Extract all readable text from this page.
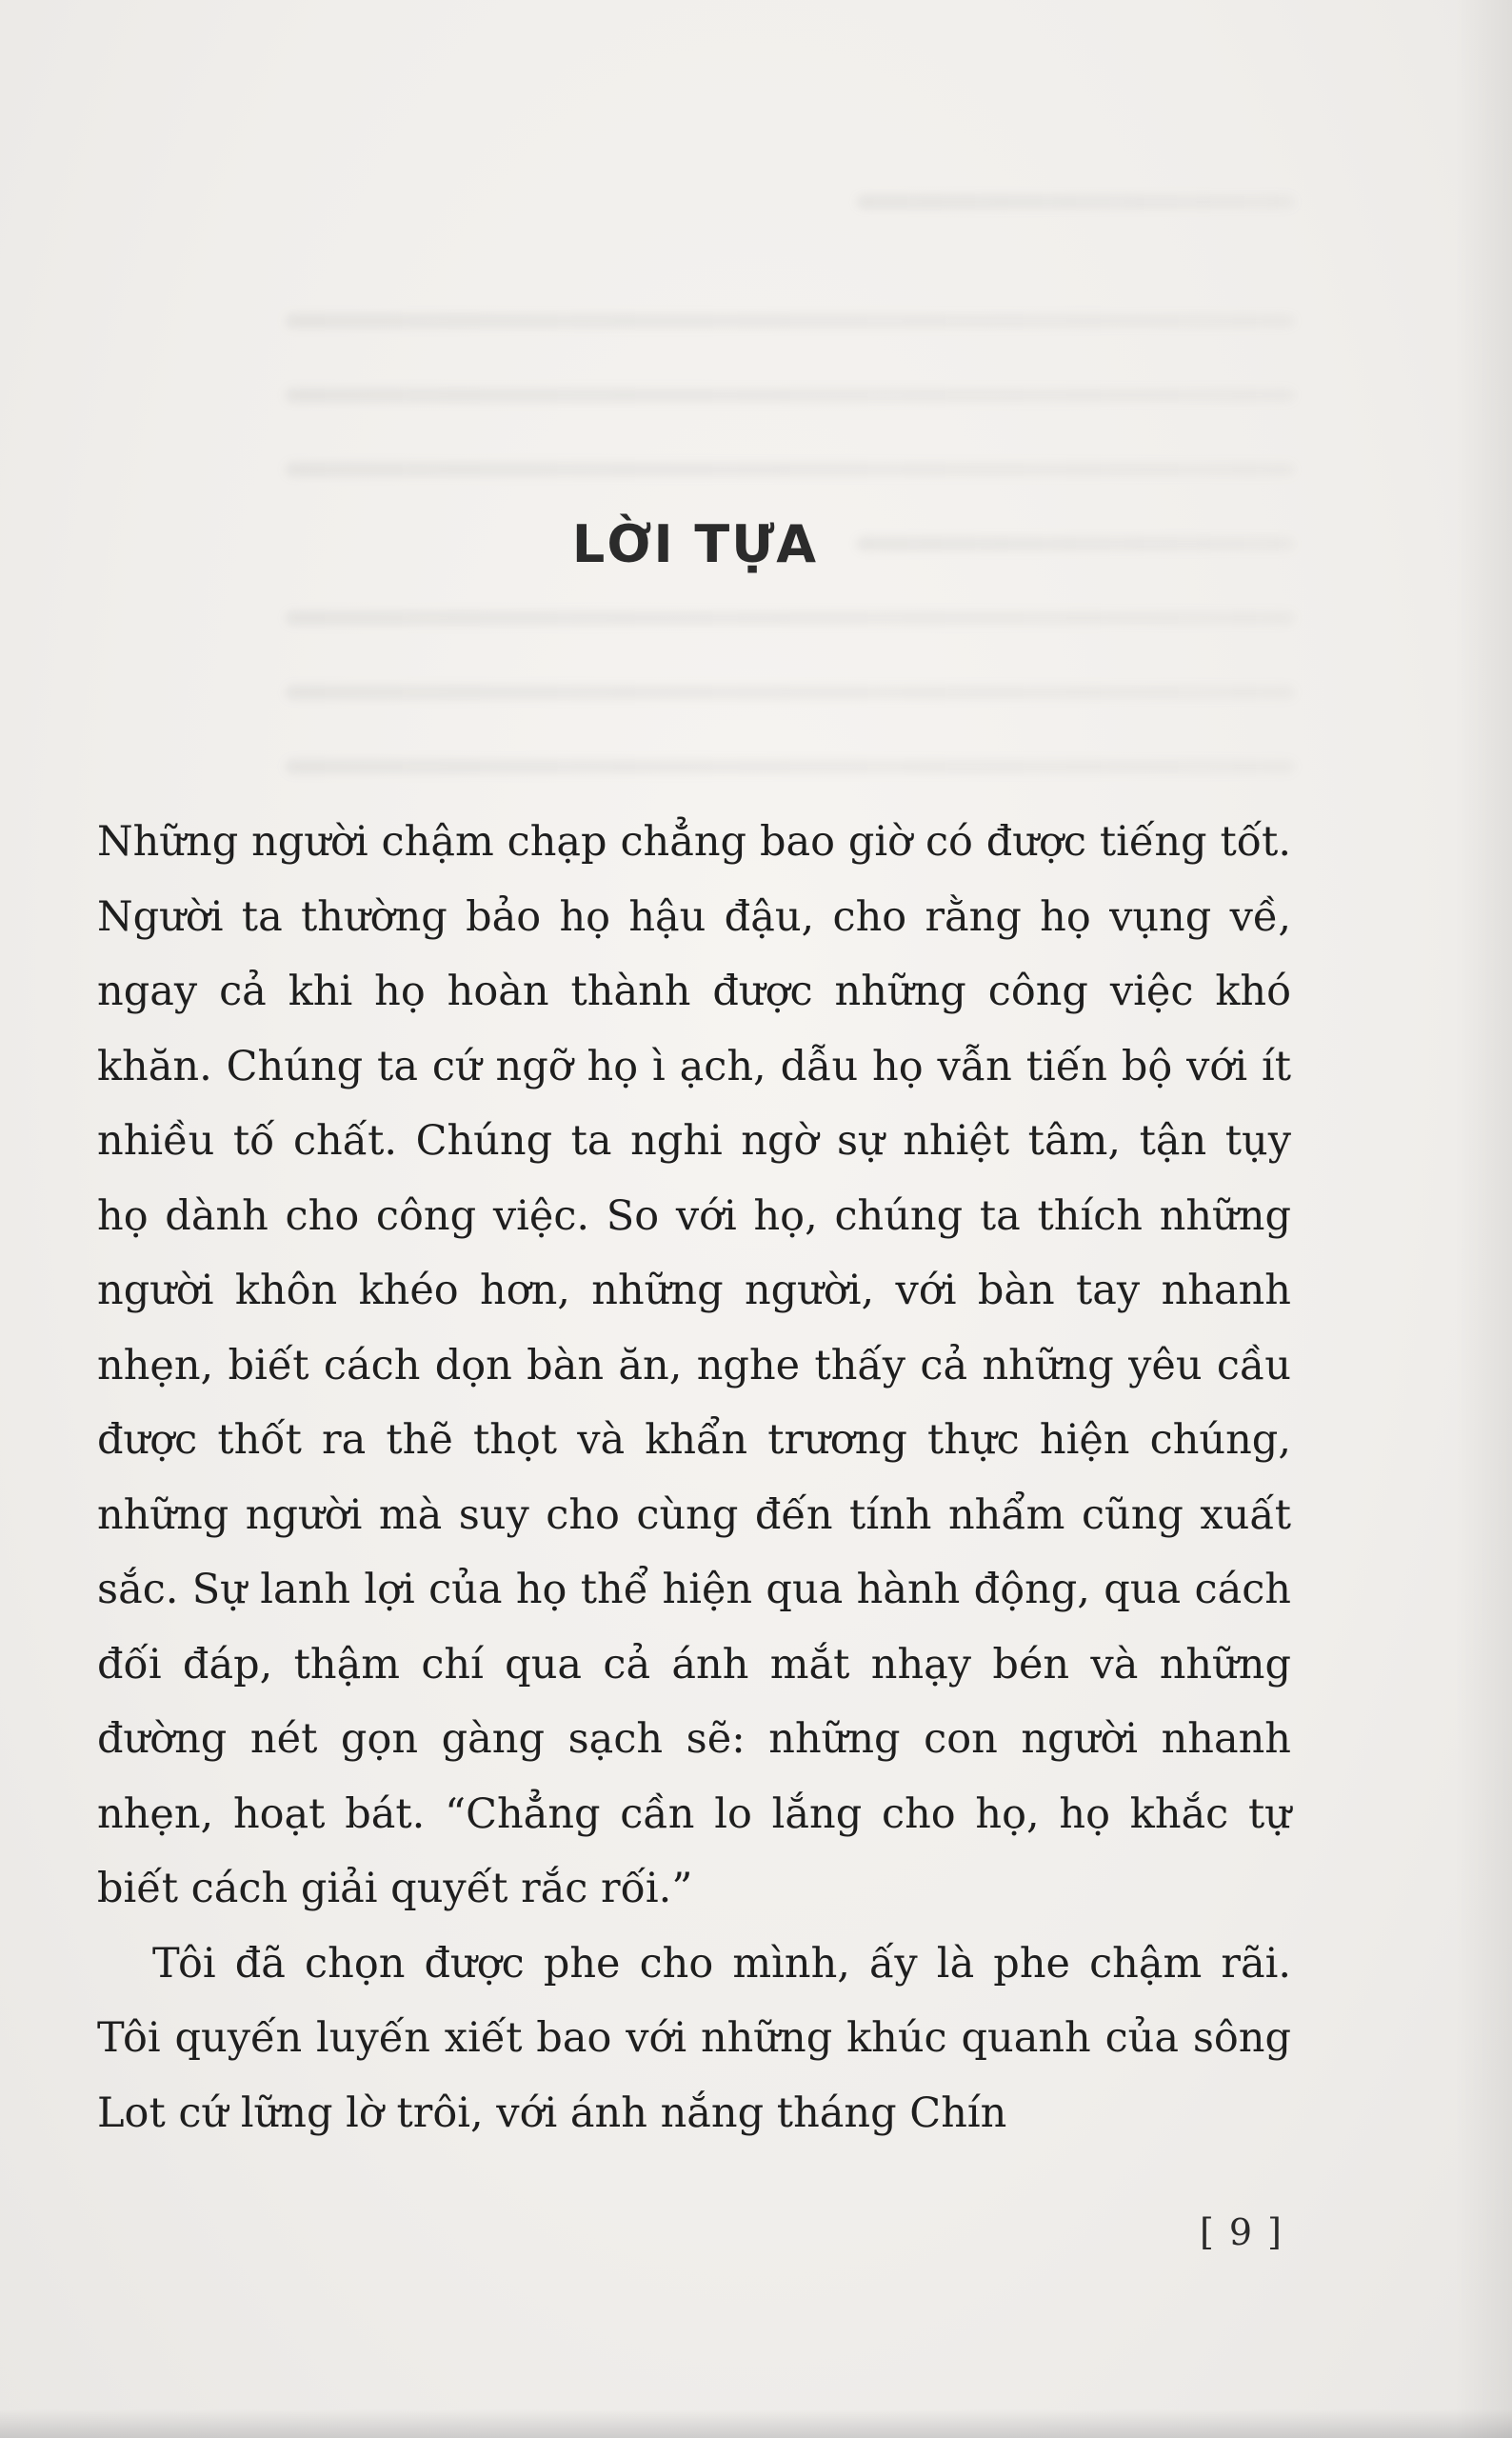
LỜI TỰA

Những người chậm chạp chẳng bao giờ có được tiếng tốt. Người ta thường bảo họ hậu đậu, cho rằng họ vụng về, ngay cả khi họ hoàn thành được những công việc khó khăn. Chúng ta cứ ngỡ họ ì ạch, dẫu họ vẫn tiến bộ với ít nhiều tố chất. Chúng ta nghi ngờ sự nhiệt tâm, tận tụy họ dành cho công việc. So với họ, chúng ta thích những người khôn khéo hơn, những người, với bàn tay nhanh nhẹn, biết cách dọn bàn ăn, nghe thấy cả những yêu cầu được thốt ra thẽ thọt và khẩn trương thực hiện chúng, những người mà suy cho cùng đến tính nhẩm cũng xuất sắc. Sự lanh lợi của họ thể hiện qua hành động, qua cách đối đáp, thậm chí qua cả ánh mắt nhạy bén và những đường nét gọn gàng sạch sẽ: những con người nhanh nhẹn, hoạt bát. “Chẳng cần lo lắng cho họ, họ khắc tự biết cách giải quyết rắc rối.”

Tôi đã chọn được phe cho mình, ấy là phe chậm rãi. Tôi quyến luyến xiết bao với những khúc quanh của sông Lot cứ lững lờ trôi, với ánh nắng tháng Chín

[ 9 ]
